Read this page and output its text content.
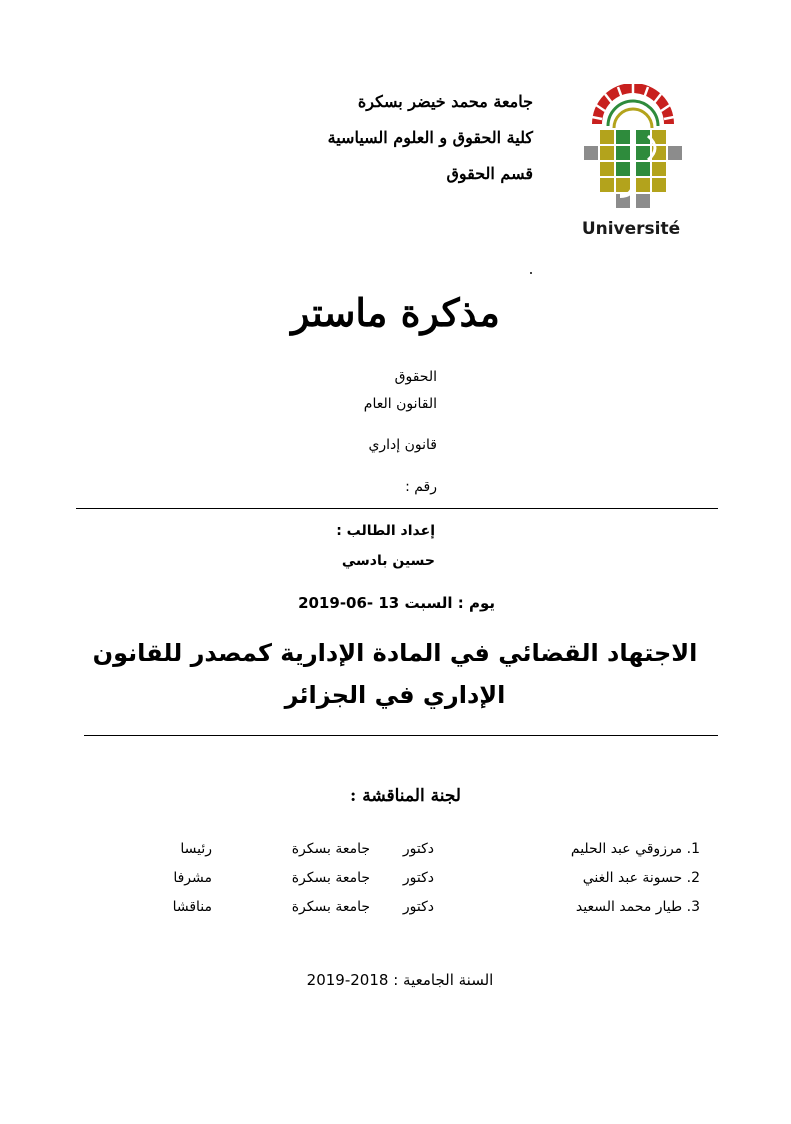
جامعة محمد خيضر بسكرة
كلية الحقوق و العلوم السياسية
قسم الحقوق
Université
مذكرة ماستر
الحقوق
القانون العام
قانون إداري
رقم :
إعداد الطالب :
حسين بادسي
يوم : السبت 13 -06-2019
الاجتهاد القضائي في المادة الإدارية كمصدر للقانون
الإداري في الجزائر
لجنة المناقشة :
1. مرزوقي عبد الحليم
دكتور
جامعة بسكرة
رئيسا
2. حسونة عبد الغني
دكتور
جامعة بسكرة
مشرفا
3. طيار محمد السعيد
دكتور
جامعة بسكرة
مناقشا
السنة الجامعية : 2018-2019
